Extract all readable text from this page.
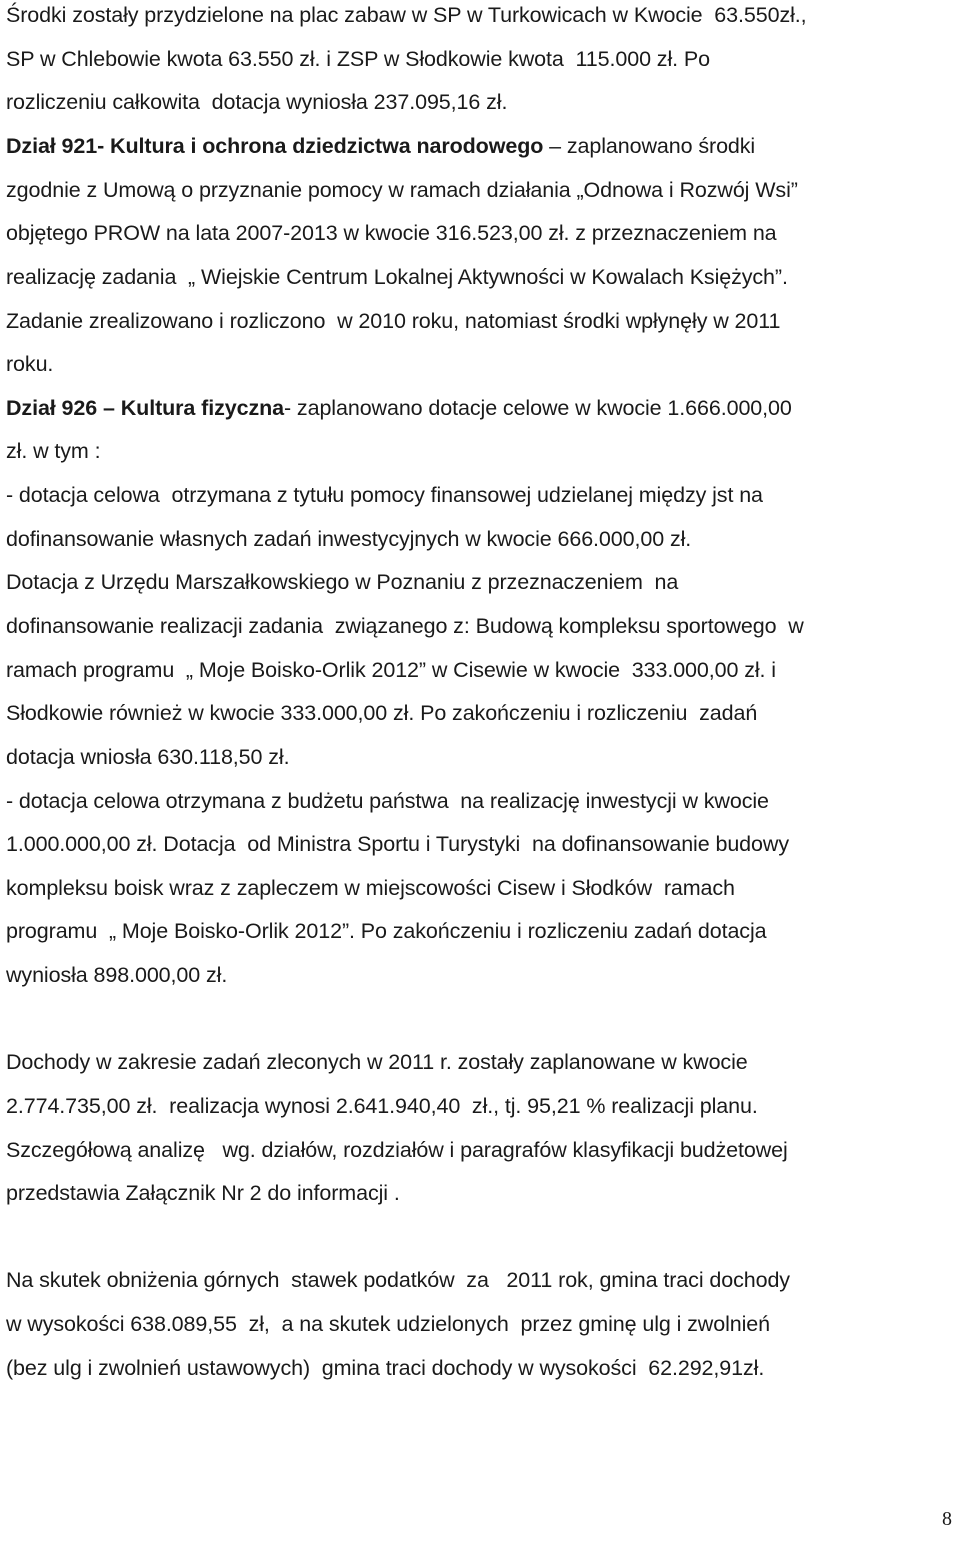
Środki zostały przydzielone na plac zabaw w SP w Turkowicach w Kwocie  63.550zł.,
SP w Chlebowie kwota 63.550 zł. i ZSP w Słodkowie kwota  115.000 zł. Po
rozliczeniu całkowita  dotacja wyniosła 237.095,16 zł.
Dział 921- Kultura i ochrona dziedzictwa narodowego – zaplanowano środki
zgodnie z Umową o przyznanie pomocy w ramach działania „Odnowa i Rozwój Wsi”
objętego PROW na lata 2007-2013 w kwocie 316.523,00 zł. z przeznaczeniem na
realizację zadania  „ Wiejskie Centrum Lokalnej Aktywności w Kowalach Księżych”.
Zadanie zrealizowano i rozliczono  w 2010 roku, natomiast środki wpłynęły w 2011
roku.
Dział 926 – Kultura fizyczna- zaplanowano dotacje celowe w kwocie 1.666.000,00
zł. w tym :
- dotacja celowa  otrzymana z tytułu pomocy finansowej udzielanej między jst na
dofinansowanie własnych zadań inwestycyjnych w kwocie 666.000,00 zł.
Dotacja z Urzędu Marszałkowskiego w Poznaniu z przeznaczeniem  na
dofinansowanie realizacji zadania  związanego z: Budową kompleksu sportowego  w
ramach programu  „ Moje Boisko-Orlik 2012” w Cisewie w kwocie  333.000,00 zł. i
Słodkowie również w kwocie 333.000,00 zł. Po zakończeniu i rozliczeniu  zadań
dotacja wniosła 630.118,50 zł.
- dotacja celowa otrzymana z budżetu państwa  na realizację inwestycji w kwocie
1.000.000,00 zł. Dotacja  od Ministra Sportu i Turystyki  na dofinansowanie budowy
kompleksu boisk wraz z zapleczem w miejscowości Cisew i Słodków  ramach
programu  „ Moje Boisko-Orlik 2012”. Po zakończeniu i rozliczeniu zadań dotacja
wyniosła 898.000,00 zł.
Dochody w zakresie zadań zleconych w 2011 r. zostały zaplanowane w kwocie
2.774.735,00 zł.  realizacja wynosi 2.641.940,40  zł., tj. 95,21 % realizacji planu.
Szczegółową analizę   wg. działów, rozdziałów i paragrafów klasyfikacji budżetowej
przedstawia Załącznik Nr 2 do informacji .
Na skutek obniżenia górnych  stawek podatków  za   2011 rok, gmina traci dochody
w wysokości 638.089,55  zł,  a na skutek udzielonych  przez gminę ulg i zwolnień
(bez ulg i zwolnień ustawowych)  gmina traci dochody w wysokości  62.292,91zł.
8
